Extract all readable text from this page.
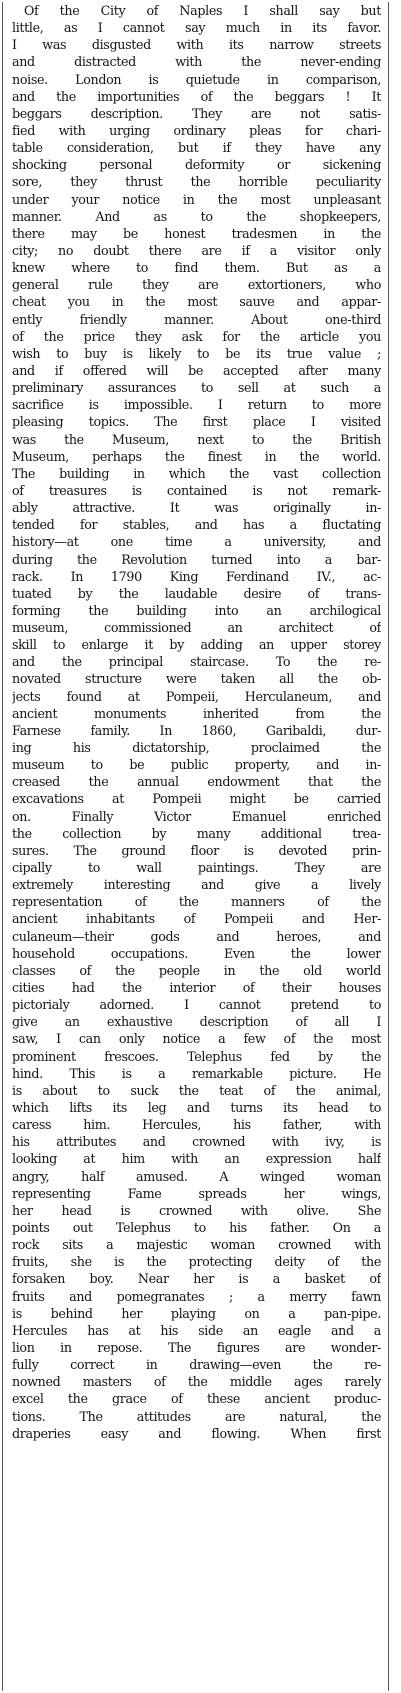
Of the City of Naples I shall say but
little, as I cannot say much in its favor.
I was disgusted with its narrow streets
and distracted with the never-ending
noise. London is quietude in comparison,
and the importunities of the beggars ! It
beggars description. They are not satis-
fied with urging ordinary pleas for chari-
table consideration, but if they have any
shocking personal deformity or sickening
sore, they thrust the horrible peculiarity
under your notice in the most unpleasant
manner. And as to the shopkeepers,
there may be honest tradesmen in the
city; no doubt there are if a visitor only
knew where to find them. But as a
general rule they are extortioners, who
cheat you in the most sauve and appar-
ently friendly manner. About one-third
of the price they ask for the article you
wish to buy is likely to be its true value ;
and if offered will be accepted after many
preliminary assurances to sell at such a
sacrifice is impossible. I return to more
pleasing topics. The first place I visited
was the Museum, next to the British
Museum, perhaps the finest in the world.
The building in which the vast collection
of treasures is contained is not remark-
ably attractive. It was originally in-
tended for stables, and has a fluctating
history—at one time a university, and
during the Revolution turned into a bar-
rack. In 1790 King Ferdinand IV., ac-
tuated by the laudable desire of trans-
forming the building into an archilogical
museum, commissioned an architect of
skill to enlarge it by adding an upper storey
and the principal staircase. To the re-
novated structure were taken all the ob-
jects found at Pompeii, Herculaneum, and
ancient monuments inherited from the
Farnese family. In 1860, Garibaldi, dur-
ing his dictatorship, proclaimed the
museum to be public property, and in-
creased the annual endowment that the
excavations at Pompeii might be carried
on. Finally Victor Emanuel enriched
the collection by many additional trea-
sures. The ground floor is devoted prin-
cipally to wall paintings. They are
extremely interesting and give a lively
representation of the manners of the
ancient inhabitants of Pompeii and Her-
culaneum—their gods and heroes, and
household occupations. Even the lower
classes of the people in the old world
cities had the interior of their houses
pictorialy adorned. I cannot pretend to
give an exhaustive description of all I
saw, I can only notice a few of the most
prominent frescoes. Telephus fed by the
hind. This is a remarkable picture. He
is about to suck the teat of the animal,
which lifts its leg and turns its head to
caress him. Hercules, his father, with
his attributes and crowned with ivy, is
looking at him with an expression half
angry, half amused. A winged woman
representing Fame spreads her wings,
her head is crowned with olive. She
points out Telephus to his father. On a
rock sits a majestic woman crowned with
fruits, she is the protecting deity of the
forsaken boy. Near her is a basket of
fruits and pomegranates ; a merry fawn
is behind her playing on a pan-pipe.
Hercules has at his side an eagle and a
lion in repose. The figures are wonder-
fully correct in drawing—even the re-
nowned masters of the middle ages rarely
excel the grace of these ancient produc-
tions. The attitudes are natural, the
draperies easy and flowing. When first
